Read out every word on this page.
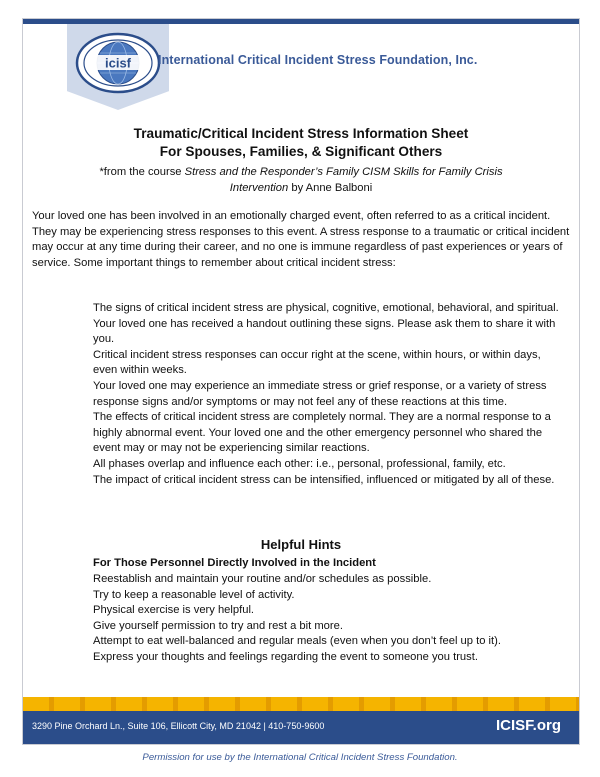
icisf International Critical Incident Stress Foundation, Inc.
Traumatic/Critical Incident Stress Information Sheet
For Spouses, Families, & Significant Others
*from the course Stress and the Responder’s Family CISM Skills for Family Crisis
Intervention by Anne Balboni
Your loved one has been involved in an emotionally charged event, often referred to as a critical incident. They may be experiencing stress responses to this event. A stress response to a traumatic or critical incident may occur at any time during their career, and no one is immune regardless of past experiences or years of service. Some important things to remember about critical incident stress:

The signs of critical incident stress are physical, cognitive, emotional, behavioral, and spiritual. Your loved one has received a handout outlining these signs. Please ask them to share it with you.

Critical incident stress responses can occur right at the scene, within hours, or within days, even within weeks.

Your loved one may experience an immediate stress or grief response, or a variety of stress response signs and/or symptoms or may not feel any of these reactions at this time.

The effects of critical incident stress are completely normal. They are a normal response to a highly abnormal event. Your loved one and the other emergency personnel who shared the event may or may not be experiencing similar reactions.

All phases overlap and influence each other: i.e., personal, professional, family, etc.

The impact of critical incident stress can be intensified, influenced or mitigated by all of these.

Helpful Hints
For Those Personnel Directly Involved in the Incident
Reestablish and maintain your routine and/or schedules as possible.
Try to keep a reasonable level of activity.
Physical exercise is very helpful.
Give yourself permission to try and rest a bit more.
Attempt to eat well-balanced and regular meals (even when you don’t feel up to it).
Express your thoughts and feelings regarding the event to someone you trust.
3290 Pine Orchard Ln., Suite 106, Ellicott City, MD 21042 | 410-750-9600	ICISF.org
Permission for use by the International Critical Incident Stress Foundation.
